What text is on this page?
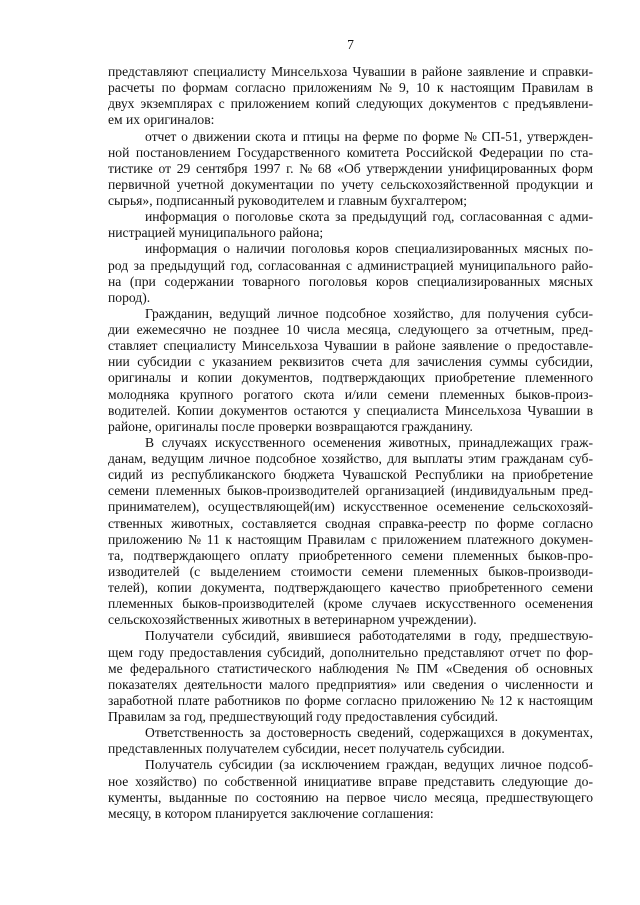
7
представляют специалисту Минсельхоза Чувашии в районе заявление и справки-
расчеты по формам согласно приложениям № 9, 10 к настоящим Правилам в
двух экземплярах с приложением копий следующих документов с предъявлени-
ем их оригиналов:
отчет о движении скота и птицы на ферме по форме № СП-51, утвержден-
ной постановлением Государственного комитета Российской Федерации по ста-
тистике от 29 сентября 1997 г. № 68 «Об утверждении унифицированных форм
первичной учетной документации по учету сельскохозяйственной продукции и
сырья», подписанный руководителем и главным бухгалтером;
информация о поголовье скота за предыдущий год, согласованная с адми-
нистрацией муниципального района;
информация о наличии поголовья коров специализированных мясных по-
род за предыдущий год, согласованная с администрацией муниципального райо-
на (при содержании товарного поголовья коров специализированных мясных
пород).
Гражданин, ведущий личное подсобное хозяйство, для получения субси-
дии ежемесячно не позднее 10 числа месяца, следующего за отчетным, пред-
ставляет специалисту Минсельхоза Чувашии в районе заявление о предоставле-
нии субсидии с указанием реквизитов счета для зачисления суммы субсидии,
оригиналы и копии документов, подтверждающих приобретение племенного
молодняка крупного рогатого скота и/или семени племенных быков-произ-
водителей. Копии документов остаются у специалиста Минсельхоза Чувашии в
районе, оригиналы после проверки возвращаются гражданину.
В случаях искусственного осеменения животных, принадлежащих граж-
данам, ведущим личное подсобное хозяйство, для выплаты этим гражданам суб-
сидий из республиканского бюджета Чувашской Республики на приобретение
семени племенных быков-производителей организацией (индивидуальным пред-
принимателем), осуществляющей(им) искусственное осеменение сельскохозяй-
ственных животных, составляется сводная справка-реестр по форме согласно
приложению № 11 к настоящим Правилам с приложением платежного докумен-
та, подтверждающего оплату приобретенного семени племенных быков-про-
изводителей (с выделением стоимости семени племенных быков-производи-
телей), копии документа, подтверждающего качество приобретенного семени
племенных быков-производителей (кроме случаев искусственного осеменения
сельскохозяйственных животных в ветеринарном учреждении).
Получатели субсидий, явившиеся работодателями в году, предшествую-
щем году предоставления субсидий, дополнительно представляют отчет по фор-
ме федерального статистического наблюдения № ПМ «Сведения об основных
показателях деятельности малого предприятия» или сведения о численности и
заработной плате работников по форме согласно приложению № 12 к настоящим
Правилам за год, предшествующий году предоставления субсидий.
Ответственность за достоверность сведений, содержащихся в документах,
представленных получателем субсидии, несет получатель субсидии.
Получатель субсидии (за исключением граждан, ведущих личное подсоб-
ное хозяйство) по собственной инициативе вправе представить следующие до-
кументы, выданные по состоянию на первое число месяца, предшествующего
месяцу, в котором планируется заключение соглашения:
